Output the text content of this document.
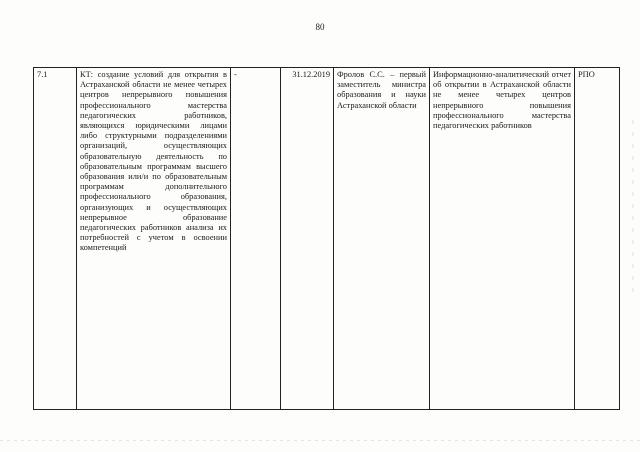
80
7.1	КТ: создание условий для открытия в Астраханской области не менее четырех центров непрерывного повышения профессионального мастерства педагогических работников, являющихся юридическими лицами либо структурными подразделениями организаций, осуществляющих образовательную деятельность по образовательным программам высшего образования или/и по образовательным программам дополнительного профессионального образования, организующих и осуществляющих непрерывное образование педагогических работников анализа их потребностей с учетом в освоении компетенций	-	31.12.2019	Фролов С.С. – первый заместитель министра образования и науки Астраханской области	Информационно-аналитический отчет об открытии в Астраханской области не менее четырех центров непрерывного повышения профессионального мастерства педагогических работников	РПО
